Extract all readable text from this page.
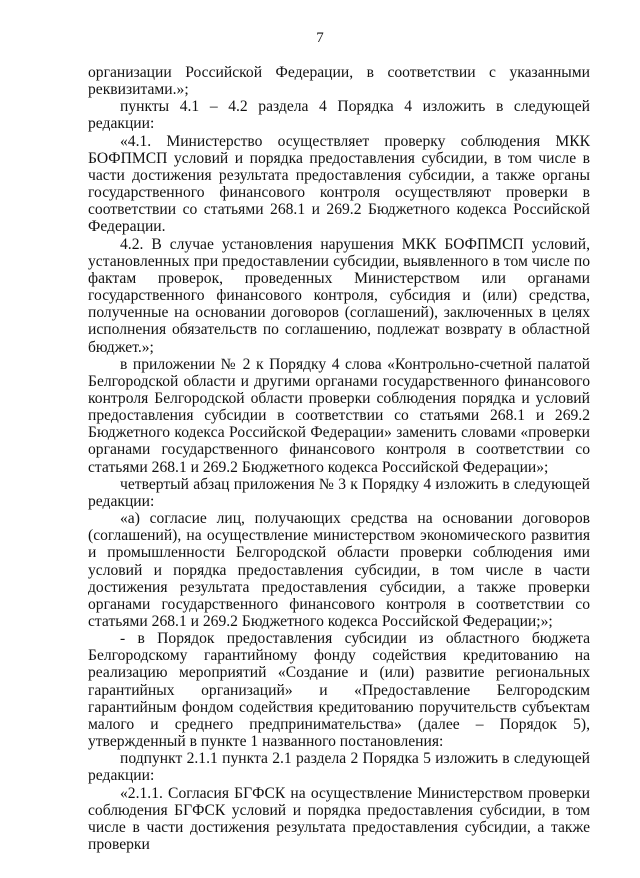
7

организации Российской Федерации, в соответствии с указанными реквизитами.»;

пункты 4.1 – 4.2 раздела 4 Порядка 4 изложить в следующей редакции:

«4.1. Министерство осуществляет проверку соблюдения МКК БОФПМСП условий и порядка предоставления субсидии, в том числе в части достижения результата предоставления субсидии, а также органы государственного финансового контроля осуществляют проверки в соответствии со статьями 268.1 и 269.2 Бюджетного кодекса Российской Федерации.

4.2. В случае установления нарушения МКК БОФПМСП условий, установленных при предоставлении субсидии, выявленного в том числе по фактам проверок, проведенных Министерством или органами государственного финансового контроля, субсидия и (или) средства, полученные на основании договоров (соглашений), заключенных в целях исполнения обязательств по соглашению, подлежат возврату в областной бюджет.»;

в приложении № 2 к Порядку 4 слова «Контрольно-счетной палатой Белгородской области и другими органами государственного финансового контроля Белгородской области проверки соблюдения порядка и условий предоставления субсидии в соответствии со статьями 268.1 и 269.2 Бюджетного кодекса Российской Федерации» заменить словами «проверки органами государственного финансового контроля в соответствии со статьями 268.1 и 269.2 Бюджетного кодекса Российской Федерации»;

четвертый абзац приложения № 3 к Порядку 4 изложить в следующей редакции:

«а) согласие лиц, получающих средства на основании договоров (соглашений), на осуществление министерством экономического развития и промышленности Белгородской области проверки соблюдения ими условий и порядка предоставления субсидии, в том числе в части достижения результата предоставления субсидии, а также проверки органами государственного финансового контроля в соответствии со статьями 268.1 и 269.2 Бюджетного кодекса Российской Федерации;»;

- в Порядок предоставления субсидии из областного бюджета Белгородскому гарантийному фонду содействия кредитованию на реализацию мероприятий «Создание и (или) развитие региональных гарантийных организаций» и «Предоставление Белгородским гарантийным фондом содействия кредитованию поручительств субъектам малого и среднего предпринимательства» (далее – Порядок 5), утвержденный в пункте 1 названного постановления:

подпункт 2.1.1 пункта 2.1 раздела 2 Порядка 5 изложить в следующей редакции:

«2.1.1. Согласия БГФСК на осуществление Министерством проверки соблюдения БГФСК условий и порядка предоставления субсидии, в том числе в части достижения результата предоставления субсидии, а также проверки
